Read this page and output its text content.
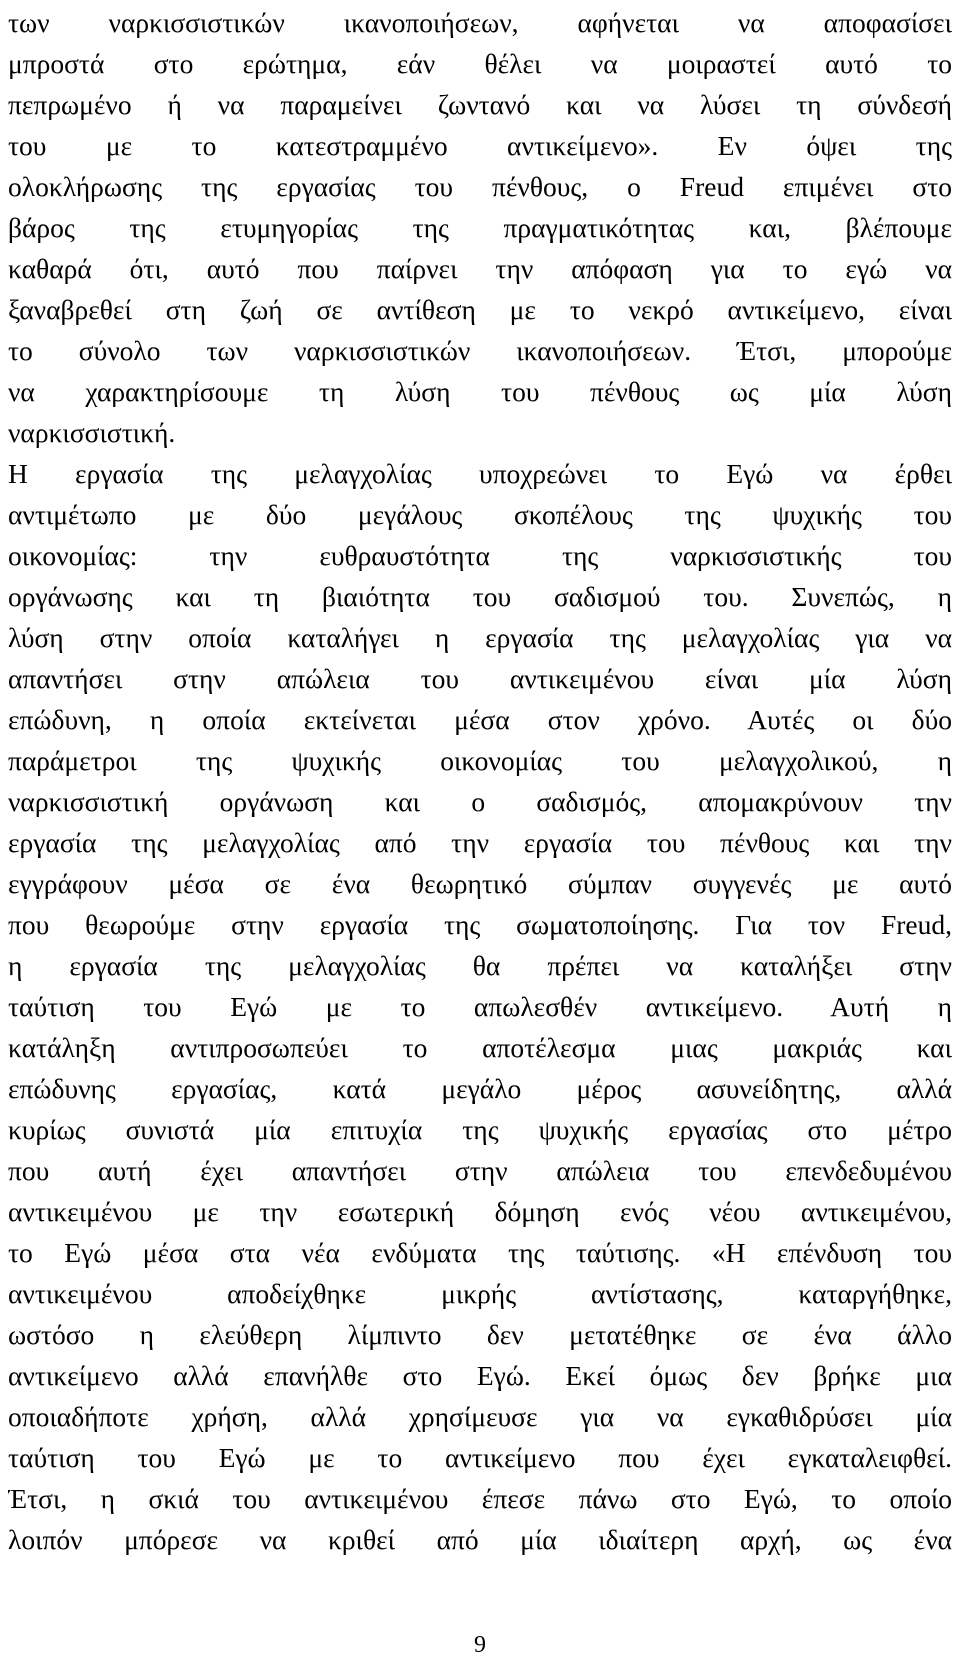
των ναρκισσιστικών ικανοποιήσεων, αφήνεται να αποφασίσει
μπροστά στο ερώτημα, εάν θέλει να μοιραστεί αυτό το
πεπρωμένο ή να παραμείνει ζωντανό και να λύσει τη σύνδεσή
του με το κατεστραμμένο αντικείμενο». Εν όψει της
ολοκλήρωσης της εργασίας του πένθους, ο Freud επιμένει στο
βάρος της ετυμηγορίας της πραγματικότητας και, βλέπουμε
καθαρά ότι, αυτό που παίρνει την απόφαση για το εγώ να
ξαναβρεθεί στη ζωή σε αντίθεση με το νεκρό αντικείμενο, είναι
το σύνολο των ναρκισσιστικών ικανοποιήσεων. Έτσι, μπορούμε
να χαρακτηρίσουμε τη λύση του πένθους ως μία λύση
ναρκισσιστική.
Η εργασία της μελαγχολίας υποχρεώνει το Εγώ να έρθει
αντιμέτωπο με δύο μεγάλους σκοπέλους της ψυχικής του
οικονομίας: την ευθραυστότητα της ναρκισσιστικής του
οργάνωσης και τη βιαιότητα του σαδισμού του. Συνεπώς, η
λύση στην οποία καταλήγει η εργασία της μελαγχολίας για να
απαντήσει στην απώλεια του αντικειμένου είναι μία λύση
επώδυνη, η οποία εκτείνεται μέσα στον χρόνο. Αυτές οι δύο
παράμετροι της ψυχικής οικονομίας του μελαγχολικού, η
ναρκισσιστική οργάνωση και ο σαδισμός, απομακρύνουν την
εργασία της μελαγχολίας από την εργασία του πένθους και την
εγγράφουν μέσα σε ένα θεωρητικό σύμπαν συγγενές με αυτό
που θεωρούμε στην εργασία της σωματοποίησης. Για τον Freud,
η εργασία της μελαγχολίας θα πρέπει να καταλήξει στην
ταύτιση του Εγώ με το απωλεσθέν αντικείμενο. Αυτή η
κατάληξη αντιπροσωπεύει το αποτέλεσμα μιας μακριάς και
επώδυνης εργασίας, κατά μεγάλο μέρος ασυνείδητης, αλλά
κυρίως συνιστά μία επιτυχία της ψυχικής εργασίας στο μέτρο
που αυτή έχει απαντήσει στην απώλεια του επενδεδυμένου
αντικειμένου με την εσωτερική δόμηση ενός νέου αντικειμένου,
το Εγώ μέσα στα νέα ενδύματα της ταύτισης. «Η επένδυση του
αντικειμένου αποδείχθηκε μικρής αντίστασης, καταργήθηκε,
ωστόσο η ελεύθερη λίμπιντο δεν μετατέθηκε σε ένα άλλο
αντικείμενο αλλά επανήλθε στο Εγώ. Εκεί όμως δεν βρήκε μια
οποιαδήποτε χρήση, αλλά χρησίμευσε για να εγκαθιδρύσει μία
ταύτιση του Εγώ με το αντικείμενο που έχει εγκαταλειφθεί.
Έτσι, η σκιά του αντικειμένου έπεσε πάνω στο Εγώ, το οποίο
λοιπόν μπόρεσε να κριθεί από μία ιδιαίτερη αρχή, ως ένα
9
